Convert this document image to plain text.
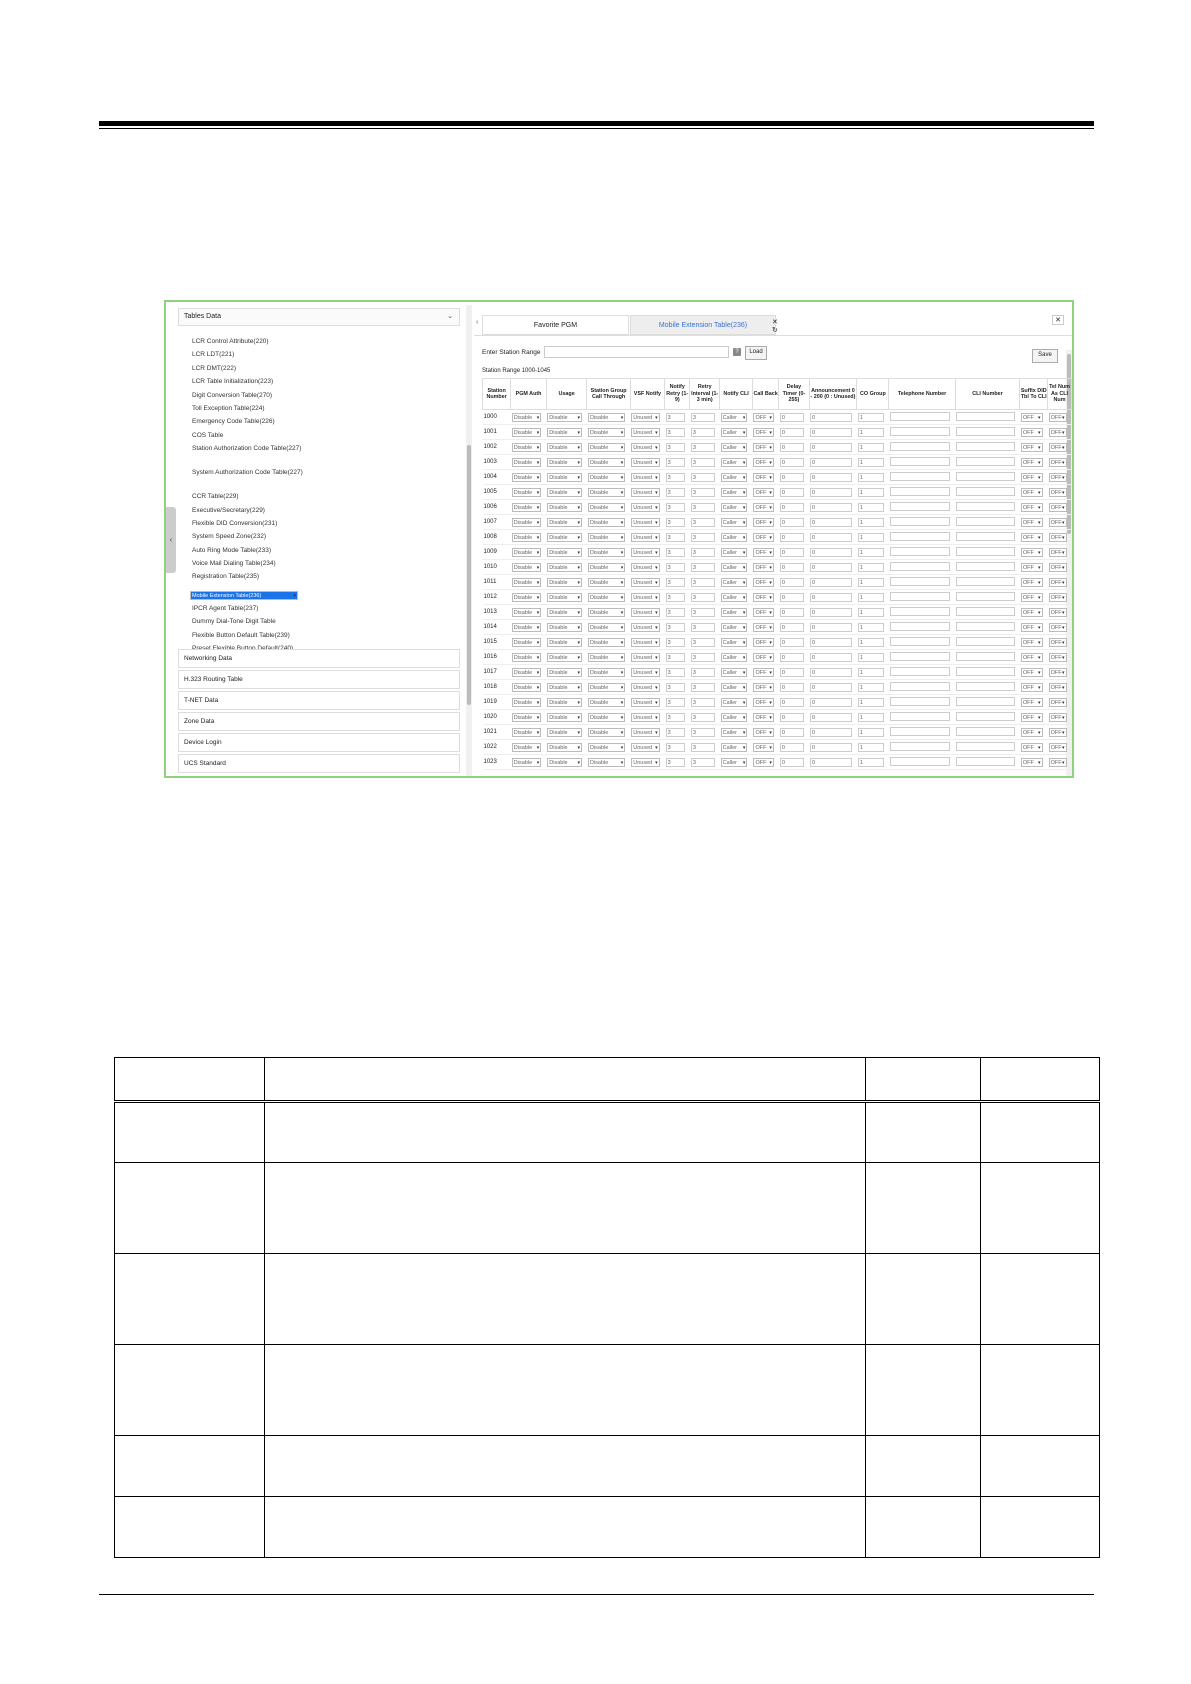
‹
Tables Data	⌄
LCR Control Attribute(220)
LCR LDT(221)
LCR DMT(222)
LCR Table Initialization(223)
Digit Conversion Table(270)
Toll Exception Table(224)
Emergency Code Table(226)
COS Table
Station Authorization Code Table(227)
System Authorization Code Table(227)
CCR Table(229)
Executive/Secretary(229)
Flexible DID Conversion(231)
System Speed Zone(232)
Auto Ring Mode Table(233)
Voice Mail Dialing Table(234)
Registration Table(235)
Mobile Extension Table(236) ▾
IPCR Agent Table(237)
Dummy Dial-Tone Digit Table
Flexible Button Default Table(239)
Networking Data
H.323 Routing Table
T-NET Data
Zone Data
Device Login
UCS Standard
‹	Favorite PGM	Mobile Extension Table(236)	✕
↻
✕
Enter Station Range	?	Load	Save
Station Range 1000-1045
Station Number	PGM Auth	Usage	Station Group Call Through	VSF Notify	Notify Retry (1-9)	Retry Interval (1-3 min)	Notify CLI	Call Back	Delay Timer (0-255)	Announcement 0 - 200 (0 : Unused)	CO Group	Telephone Number	CLI Number	Suffix DID Tbl To CLI	Tel Num As CLI Num
1000	Disable ▾	Disable ▾	Disable ▾	Unused ▾	3	3	Caller ▾	OFF ▾	0	0	1			OFF ▾	OFF ▾
1001	Disable ▾	Disable ▾	Disable ▾	Unused ▾	3	3	Caller ▾	OFF ▾	0	0	1			OFF ▾	OFF ▾
1002	Disable ▾	Disable ▾	Disable ▾	Unused ▾	3	3	Caller ▾	OFF ▾	0	0	1			OFF ▾	OFF ▾
1003	Disable ▾	Disable ▾	Disable ▾	Unused ▾	3	3	Caller ▾	OFF ▾	0	0	1			OFF ▾	OFF ▾
1004	Disable ▾	Disable ▾	Disable ▾	Unused ▾	3	3	Caller ▾	OFF ▾	0	0	1			OFF ▾	OFF ▾
1005	Disable ▾	Disable ▾	Disable ▾	Unused ▾	3	3	Caller ▾	OFF ▾	0	0	1			OFF ▾	OFF ▾
1006	Disable ▾	Disable ▾	Disable ▾	Unused ▾	3	3	Caller ▾	OFF ▾	0	0	1			OFF ▾	OFF ▾
1007	Disable ▾	Disable ▾	Disable ▾	Unused ▾	3	3	Caller ▾	OFF ▾	0	0	1			OFF ▾	OFF ▾
1008	Disable ▾	Disable ▾	Disable ▾	Unused ▾	3	3	Caller ▾	OFF ▾	0	0	1			OFF ▾	OFF ▾
1009	Disable ▾	Disable ▾	Disable ▾	Unused ▾	3	3	Caller ▾	OFF ▾	0	0	1			OFF ▾	OFF ▾
1010	Disable ▾	Disable ▾	Disable ▾	Unused ▾	3	3	Caller ▾	OFF ▾	0	0	1			OFF ▾	OFF ▾
1011	Disable ▾	Disable ▾	Disable ▾	Unused ▾	3	3	Caller ▾	OFF ▾	0	0	1			OFF ▾	OFF ▾
1012	Disable ▾	Disable ▾	Disable ▾	Unused ▾	3	3	Caller ▾	OFF ▾	0	0	1			OFF ▾	OFF ▾
1013	Disable ▾	Disable ▾	Disable ▾	Unused ▾	3	3	Caller ▾	OFF ▾	0	0	1			OFF ▾	OFF ▾
1014	Disable ▾	Disable ▾	Disable ▾	Unused ▾	3	3	Caller ▾	OFF ▾	0	0	1			OFF ▾	OFF ▾
1015	Disable ▾	Disable ▾	Disable ▾	Unused ▾	3	3	Caller ▾	OFF ▾	0	0	1			OFF ▾	OFF ▾
1016	Disable ▾	Disable ▾	Disable ▾	Unused ▾	3	3	Caller ▾	OFF ▾	0	0	1			OFF ▾	OFF ▾
1017	Disable ▾	Disable ▾	Disable ▾	Unused ▾	3	3	Caller ▾	OFF ▾	0	0	1			OFF ▾	OFF ▾
1018	Disable ▾	Disable ▾	Disable ▾	Unused ▾	3	3	Caller ▾	OFF ▾	0	0	1			OFF ▾	OFF ▾
1019	Disable ▾	Disable ▾	Disable ▾	Unused ▾	3	3	Caller ▾	OFF ▾	0	0	1			OFF ▾	OFF ▾
1020	Disable ▾	Disable ▾	Disable ▾	Unused ▾	3	3	Caller ▾	OFF ▾	0	0	1			OFF ▾	OFF ▾
1021	Disable ▾	Disable ▾	Disable ▾	Unused ▾	3	3	Caller ▾	OFF ▾	0	0	1			OFF ▾	OFF ▾
1022	Disable ▾	Disable ▾	Disable ▾	Unused ▾	3	3	Caller ▾	OFF ▾	0	0	1			OFF ▾	OFF ▾
1023	Disable ▾	Disable ▾	Disable ▾	Unused ▾	3	3	Caller ▾	OFF ▾	0	0	1			OFF ▾	OFF ▾
